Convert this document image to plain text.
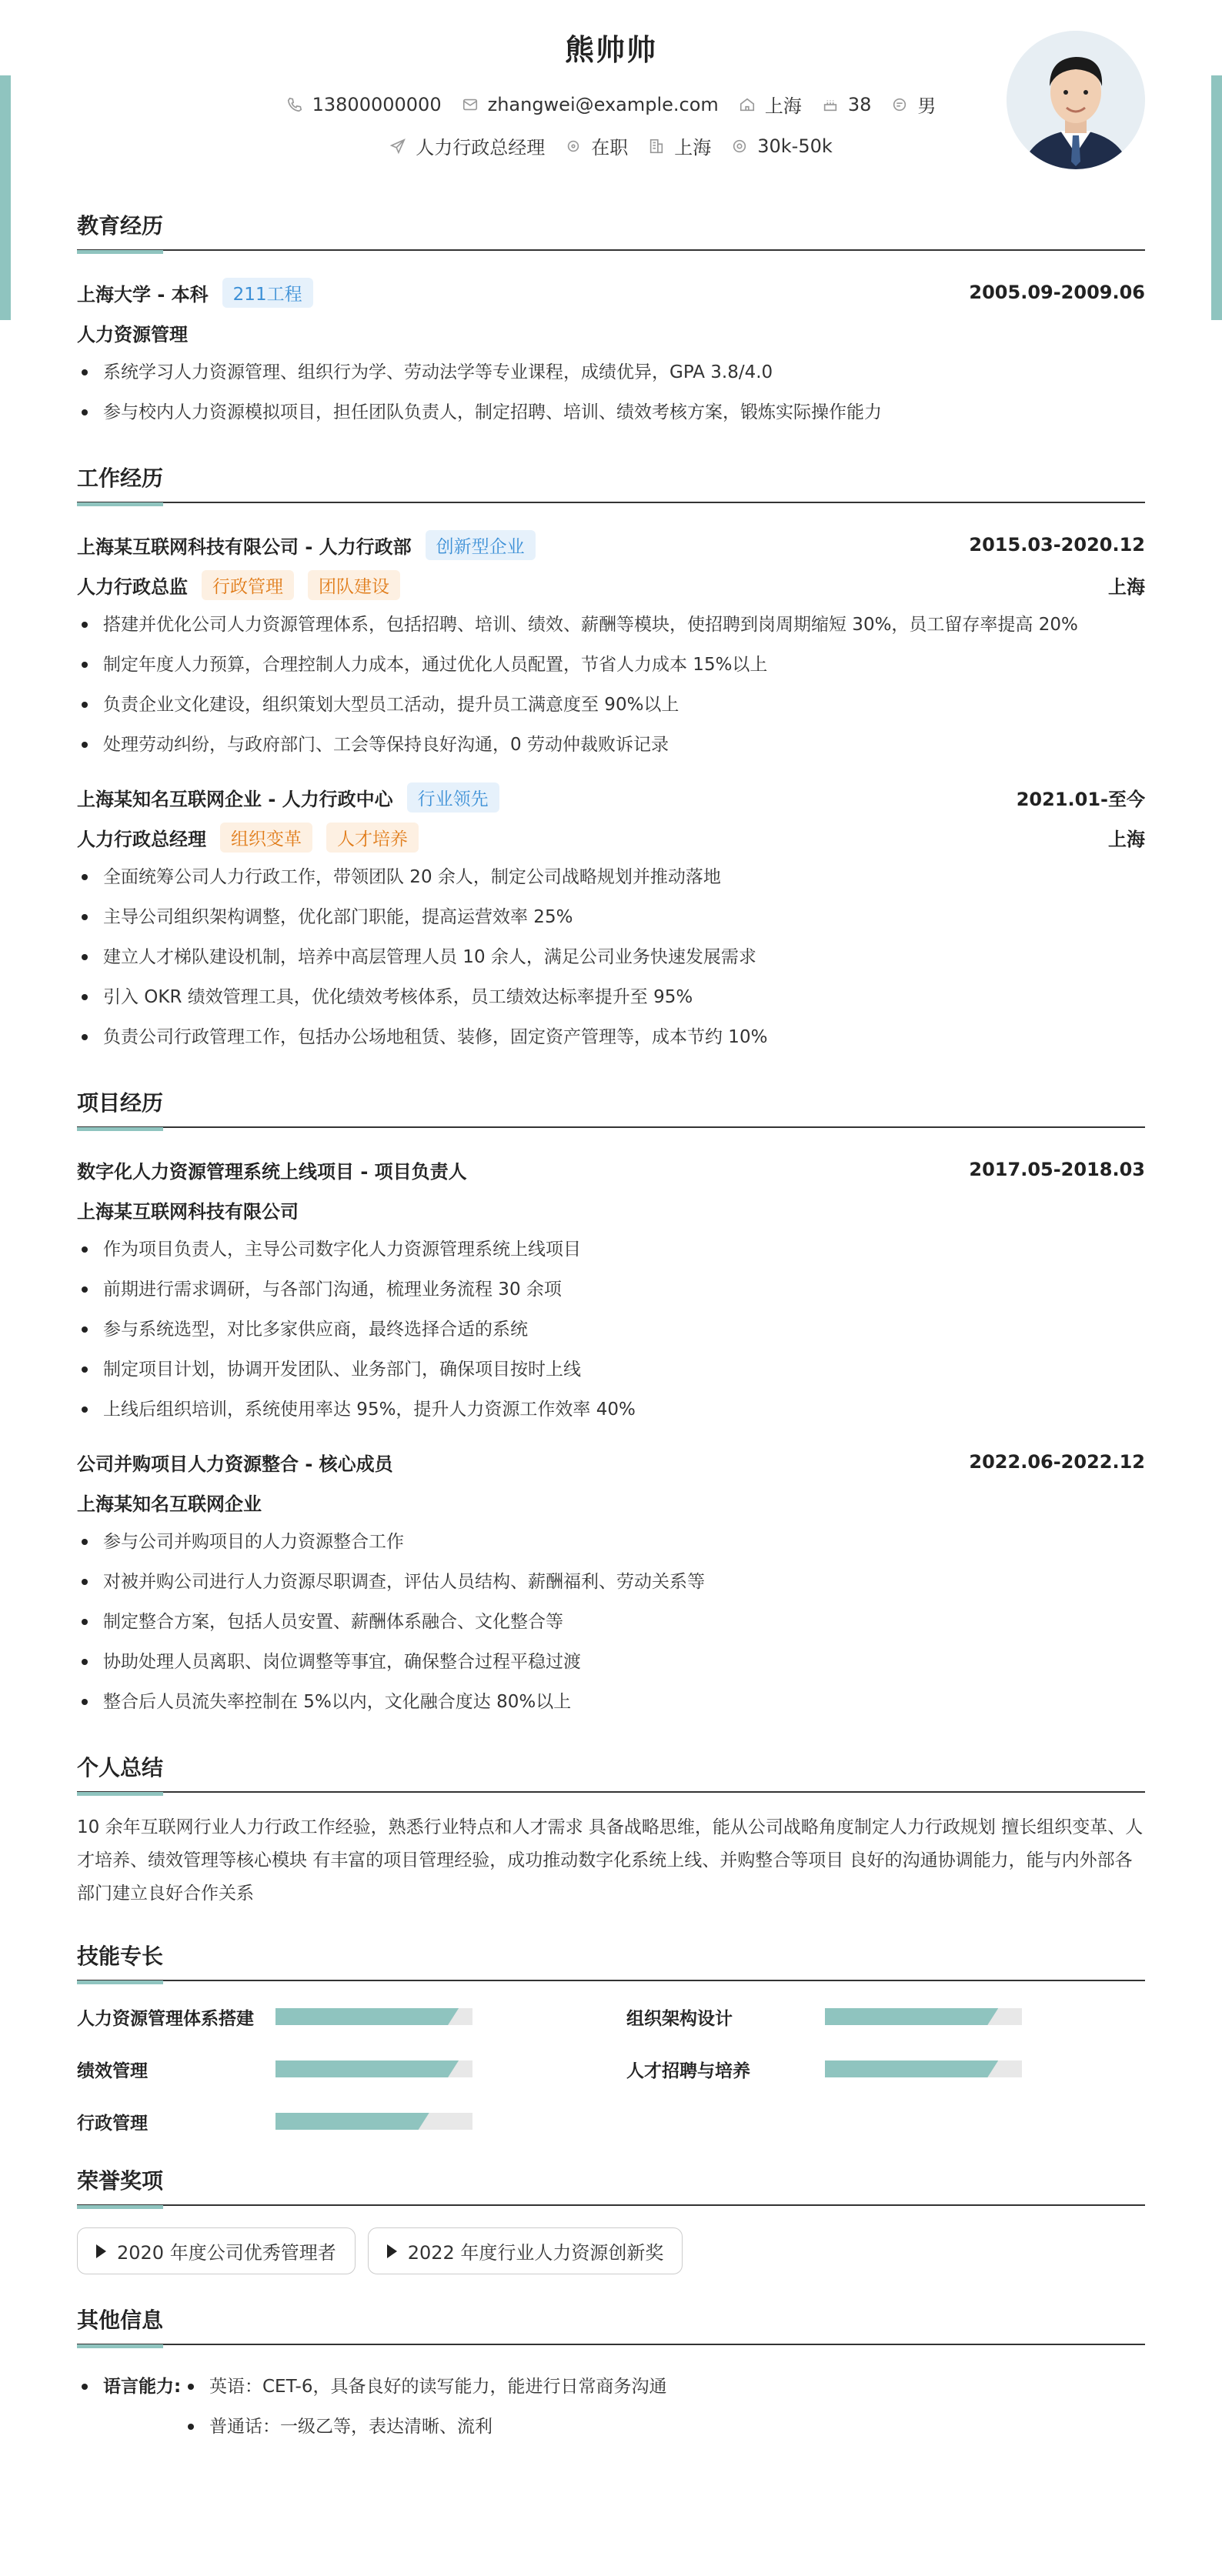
熊帅帅
13800000000	zhangwei@example.com	上海	38	男
人力行政总经理	在职	上海	30k-50k
教育经历
上海大学 - 本科	211工程	2005.09-2009.06
人力资源管理
系统学习人力资源管理、组织行为学、劳动法学等专业课程，成绩优异，GPA 3.8/4.0
参与校内人力资源模拟项目，担任团队负责人，制定招聘、培训、绩效考核方案，锻炼实际操作能力
工作经历
上海某互联网科技有限公司 - 人力行政部	创新型企业	2015.03-2020.12
人力行政总监	行政管理	团队建设	上海
搭建并优化公司人力资源管理体系，包括招聘、培训、绩效、薪酬等模块，使招聘到岗周期缩短 30%，员工留存率提高 20%
制定年度人力预算，合理控制人力成本，通过优化人员配置，节省人力成本 15%以上
负责企业文化建设，组织策划大型员工活动，提升员工满意度至 90%以上
处理劳动纠纷，与政府部门、工会等保持良好沟通，0 劳动仲裁败诉记录
上海某知名互联网企业 - 人力行政中心	行业领先	2021.01-至今
人力行政总经理	组织变革	人才培养	上海
全面统筹公司人力行政工作，带领团队 20 余人，制定公司战略规划并推动落地
主导公司组织架构调整，优化部门职能，提高运营效率 25%
建立人才梯队建设机制，培养中高层管理人员 10 余人，满足公司业务快速发展需求
引入 OKR 绩效管理工具，优化绩效考核体系，员工绩效达标率提升至 95%
负责公司行政管理工作，包括办公场地租赁、装修，固定资产管理等，成本节约 10%
项目经历
数字化人力资源管理系统上线项目 - 项目负责人	2017.05-2018.03
上海某互联网科技有限公司
作为项目负责人，主导公司数字化人力资源管理系统上线项目
前期进行需求调研，与各部门沟通，梳理业务流程 30 余项
参与系统选型，对比多家供应商，最终选择合适的系统
制定项目计划，协调开发团队、业务部门，确保项目按时上线
上线后组织培训，系统使用率达 95%，提升人力资源工作效率 40%
公司并购项目人力资源整合 - 核心成员	2022.06-2022.12
上海某知名互联网企业
参与公司并购项目的人力资源整合工作
对被并购公司进行人力资源尽职调查，评估人员结构、薪酬福利、劳动关系等
制定整合方案，包括人员安置、薪酬体系融合、文化整合等
协助处理人员离职、岗位调整等事宜，确保整合过程平稳过渡
整合后人员流失率控制在 5%以内，文化融合度达 80%以上
个人总结
10 余年互联网行业人力行政工作经验，熟悉行业特点和人才需求 具备战略思维，能从公司战略角度制定人力行政规划 擅长组织变革、人才培养、绩效管理等核心模块 有丰富的项目管理经验，成功推动数字化系统上线、并购整合等项目 良好的沟通协调能力，能与内外部各部门建立良好合作关系
技能专长
人力资源管理体系搭建	组织架构设计
绩效管理	人才招聘与培养
行政管理
荣誉奖项
2020 年度公司优秀管理者	2022 年度行业人力资源创新奖
其他信息
语言能力:	英语：CET-6，具备良好的读写能力，能进行日常商务沟通
普通话：一级乙等，表达清晰、流利
